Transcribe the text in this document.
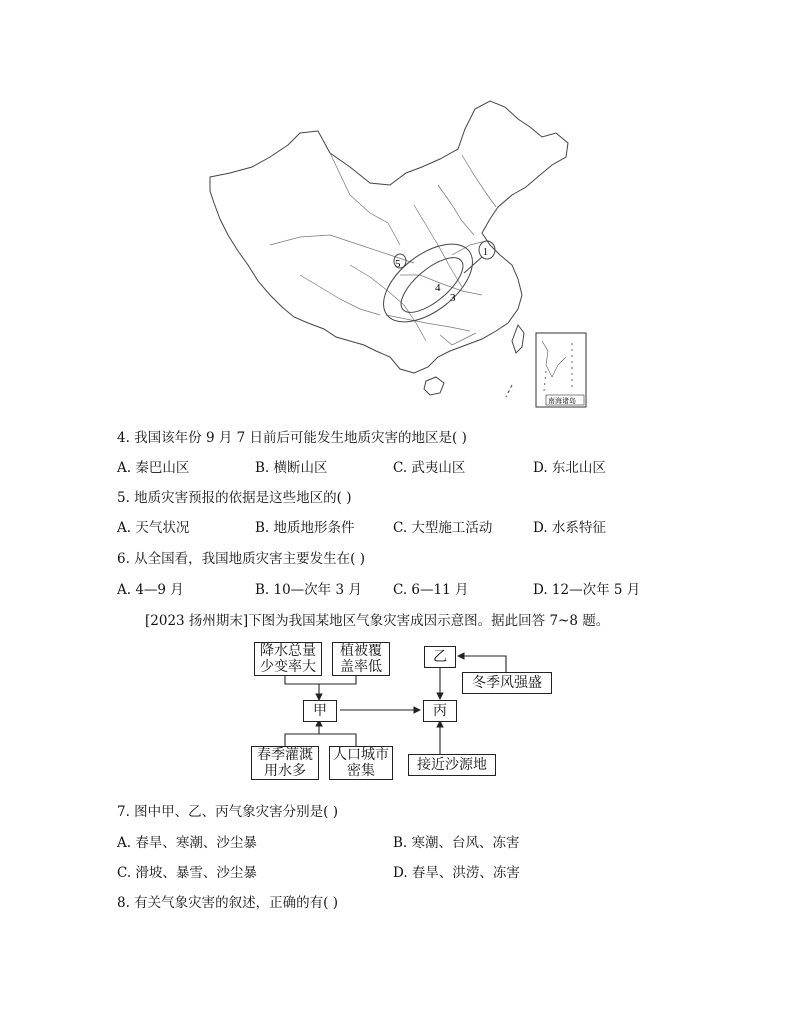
5
4
3
1
南海诸岛
4. 我国该年份 9 月 7 日前后可能发生地质灾害的地区是( )
A. 秦巴山区	B. 横断山区	C. 武夷山区	D. 东北山区
5. 地质灾害预报的依据是这些地区的( )
A. 天气状况	B. 地质地形条件	C. 大型施工活动	D. 水系特征
6. 从全国看，我国地质灾害主要发生在( )
A. 4—9 月	B. 10—次年 3 月 C. 6—11 月	D. 12—次年 5 月
[2023 扬州期末]下图为我国某地区气象灾害成因示意图。据此回答 7~8 题。
降水总量
少变率大
植被覆
盖率低
甲
乙
冬季风强盛
丙
春季灌溉
用水多
人口城市
密集	接近沙源地
7. 图中甲、乙、丙气象灾害分别是( )
A. 春旱、寒潮、沙尘暴	B. 寒潮、台风、冻害
C. 滑坡、暴雪、沙尘暴	D. 春旱、洪涝、冻害
8. 有关气象灾害的叙述，正确的有( )
